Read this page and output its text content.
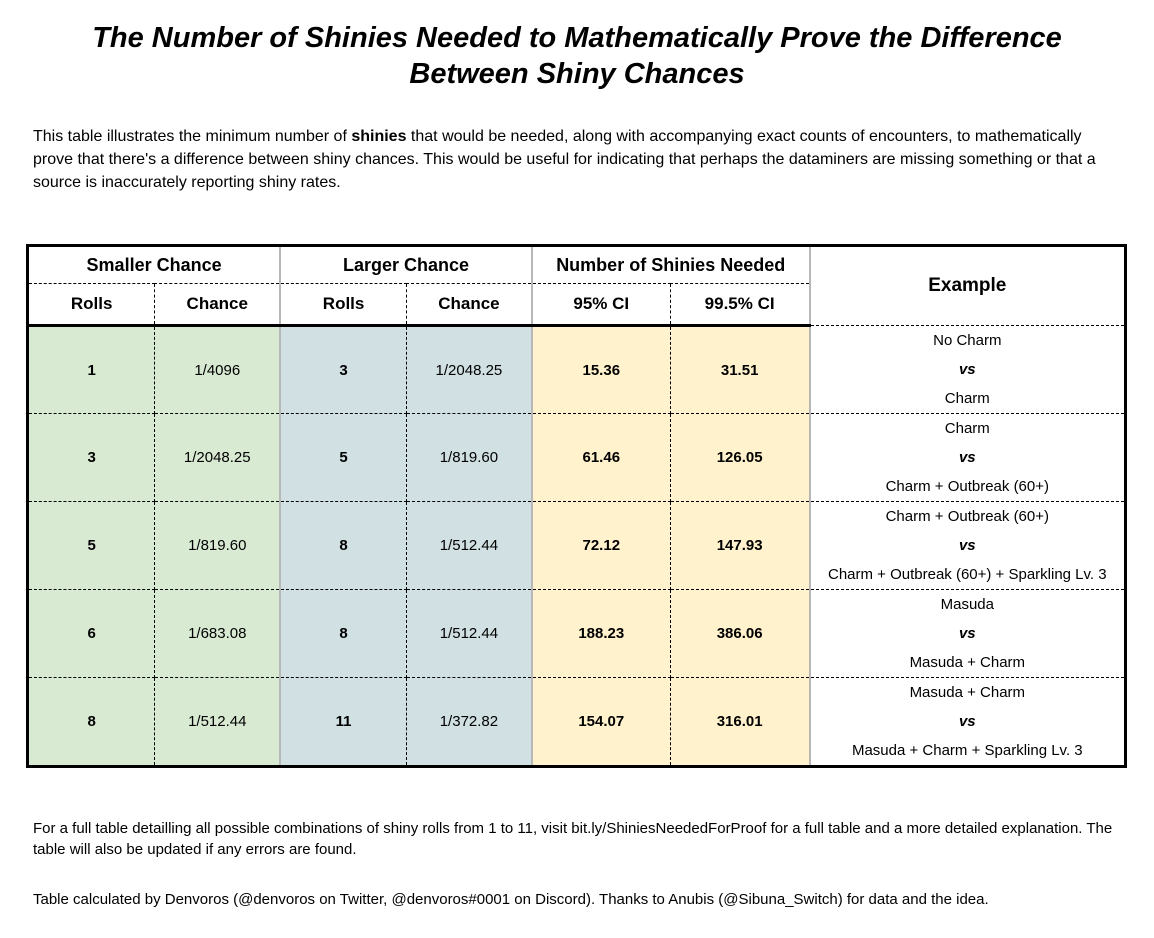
The Number of Shinies Needed to Mathematically Prove the Difference
Between Shiny Chances

This table illustrates the minimum number of shinies that would be needed, along with accompanying exact counts of encounters, to mathematically prove that there's a difference between shiny chances. This would be useful for indicating that perhaps the dataminers are missing something or that a source is inaccurately reporting shiny rates.

Smaller Chance		Larger Chance		Number of Shinies Needed		Example
Rolls	Chance	Rolls	Chance	95% CI	99.5% CI	
1	1/4096	3	1/2048.25	15.36	31.51	No Charm
vs
Charm

3	1/2048.25	5	1/819.60	61.46	126.05	Charm
vs
Charm + Outbreak (60+)

5	1/819.60	8	1/512.44	72.12	147.93	Charm + Outbreak (60+)
vs
Charm + Outbreak (60+) + Sparkling Lv. 3

6	1/683.08	8	1/512.44	188.23	386.06	Masuda
vs
Masuda + Charm

8	1/512.44	11	1/372.82	154.07	316.01	Masuda + Charm
vs
Masuda + Charm + Sparkling Lv. 3

For a full table detailling all possible combinations of shiny rolls from 1 to 11, visit bit.ly/ShiniesNeededForProof for a full table and a more detailed explanation. The table will also be updated if any errors are found.

Table calculated by Denvoros (@denvoros on Twitter, @denvoros#0001 on Discord). Thanks to Anubis (@Sibuna_Switch) for data and the idea.
